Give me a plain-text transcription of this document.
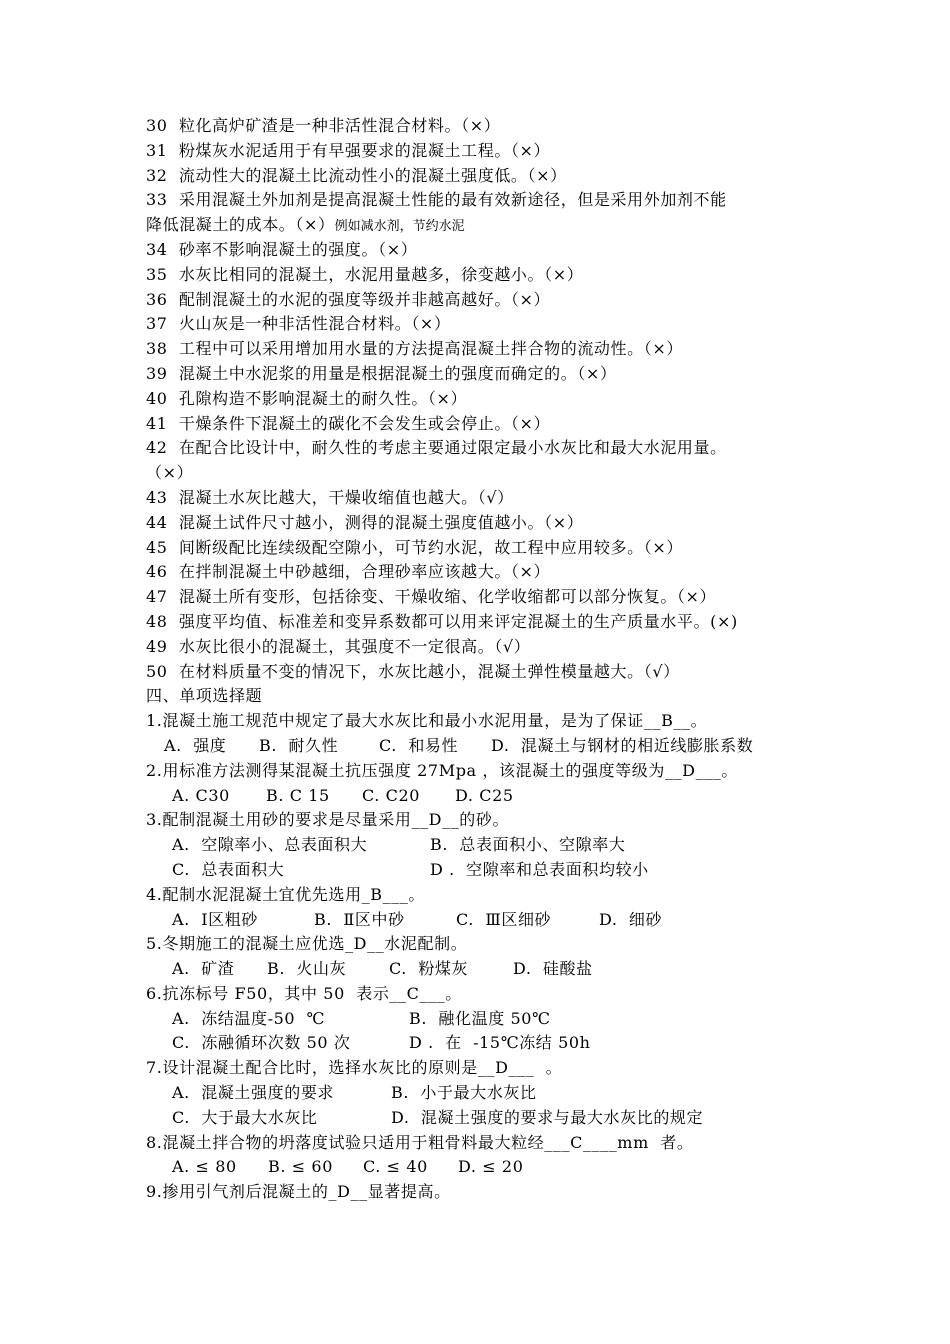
30  粒化高炉矿渣是一种非活性混合材料。（×）
31  粉煤灰水泥适用于有早强要求的混凝土工程。（×）
32  流动性大的混凝土比流动性小的混凝土强度低。（×）
33  采用混凝土外加剂是提高混凝土性能的最有效新途径，但是采用外加剂不能
降低混凝土的成本。（×）例如减水剂，节约水泥
34  砂率不影响混凝土的强度。（×）
35  水灰比相同的混凝土，水泥用量越多，徐变越小。（×）
36  配制混凝土的水泥的强度等级并非越高越好。（×）
37  火山灰是一种非活性混合材料。（×）
38  工程中可以采用增加用水量的方法提高混凝土拌合物的流动性。（×）
39  混凝土中水泥浆的用量是根据混凝土的强度而确定的。（×）
40  孔隙构造不影响混凝土的耐久性。（×）
41  干燥条件下混凝土的碳化不会发生或会停止。（×）
42  在配合比设计中，耐久性的考虑主要通过限定最小水灰比和最大水泥用量。
（×）
43  混凝土水灰比越大，干燥收缩值也越大。（√）
44  混凝土试件尺寸越小，测得的混凝土强度值越小。（×）
45  间断级配比连续级配空隙小，可节约水泥，故工程中应用较多。（×）
46  在拌制混凝土中砂越细，合理砂率应该越大。（×）
47  混凝土所有变形，包括徐变、干燥收缩、化学收缩都可以部分恢复。（×）
48  强度平均值、标准差和变异系数都可以用来评定混凝土的生产质量水平。(×)
49  水灰比很小的混凝土，其强度不一定很高。（√）
50  在材料质量不变的情况下，水灰比越小，混凝土弹性模量越大。（√）
四、单项选择题
1.混凝土施工规范中规定了最大水灰比和最小水泥用量，是为了保证__B__。
A.  强度 B.  耐久性	C.  和易性 D.  混凝土与钢材的相近线膨胀系数
2.用标准方法测得某混凝土抗压强度 27Mpa ，该混凝土的强度等级为__D___。
A. C30 B. C 15 C. C20 D. C25
3.配制混凝土用砂的要求是尽量采用__D__的砂。
A.  空隙率小、总表面积大	B.  总表面积小、空隙率大
C.  总表面积大	D .  空隙率和总表面积均较小
4.配制水泥混凝土宜优先选用_B___。
A.  Ⅰ区粗砂	B.  Ⅱ区中砂	C.  Ⅲ区细砂	D.  细砂
5.冬期施工的混凝土应优选_D__水泥配制。
A.  矿渣 B.  火山灰	C.  粉煤灰	D.  硅酸盐
6.抗冻标号 F50，其中 50  表示__C___。
A.  冻结温度-50  ℃	B.  融化温度 50℃
C.  冻融循环次数 50 次	D .  在  -15℃冻结 50h
7.设计混凝土配合比时，选择水灰比的原则是__D___  。
A.  混凝土强度的要求	B.  小于最大水灰比
C.  大于最大水灰比	D.  混凝土强度的要求与最大水灰比的规定
8.混凝土拌合物的坍落度试验只适用于粗骨料最大粒经___C____mm  者。
A. ≤ 80 B. ≤ 60 C. ≤ 40 D. ≤ 20
9.掺用引气剂后混凝土的_D__显著提高。
